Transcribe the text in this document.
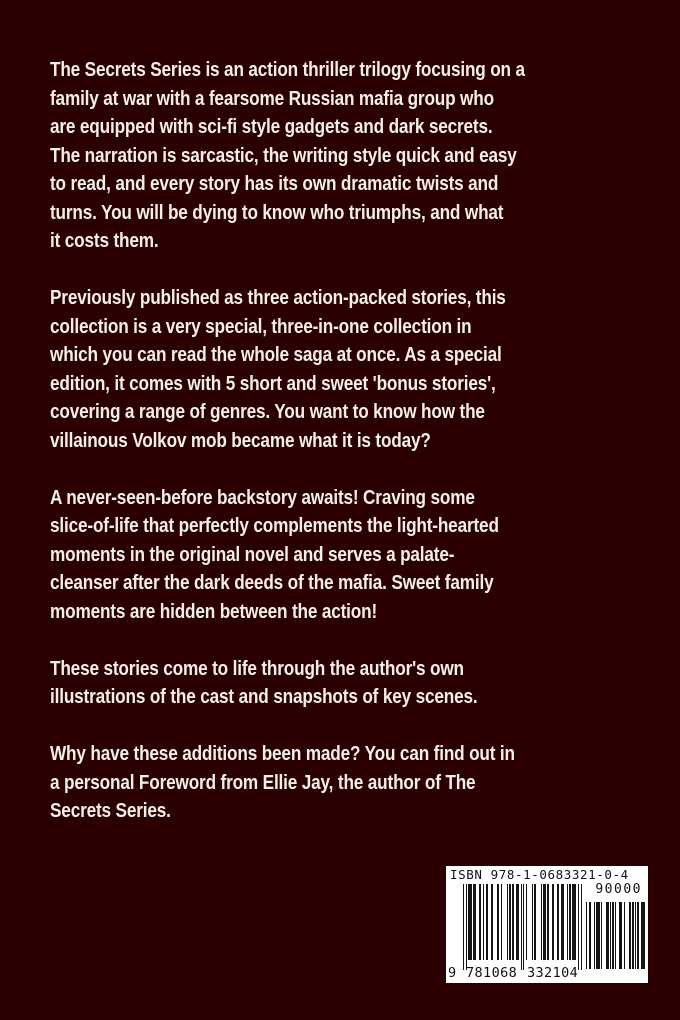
The Secrets Series is an action thriller trilogy focusing on a
family at war with a fearsome Russian mafia group who
are equipped with sci-fi style gadgets and dark secrets.
The narration is sarcastic, the writing style quick and easy
to read, and every story has its own dramatic twists and
turns. You will be dying to know who triumphs, and what
it costs them.
Previously published as three action-packed stories, this
collection is a very special, three-in-one collection in
which you can read the whole saga at once. As a special
edition, it comes with 5 short and sweet 'bonus stories',
covering a range of genres. You want to know how the
villainous Volkov mob became what it is today?
A never-seen-before backstory awaits! Craving some
slice-of-life that perfectly complements the light-hearted
moments in the original novel and serves a palate-
cleanser after the dark deeds of the mafia. Sweet family
moments are hidden between the action!
These stories come to life through the author's own
illustrations of the cast and snapshots of key scenes.
Why have these additions been made? You can find out in
a personal Foreword from Ellie Jay, the author of The
Secrets Series.
ISBN 978-1-0683321-0-4
90000
9 781068 332104
